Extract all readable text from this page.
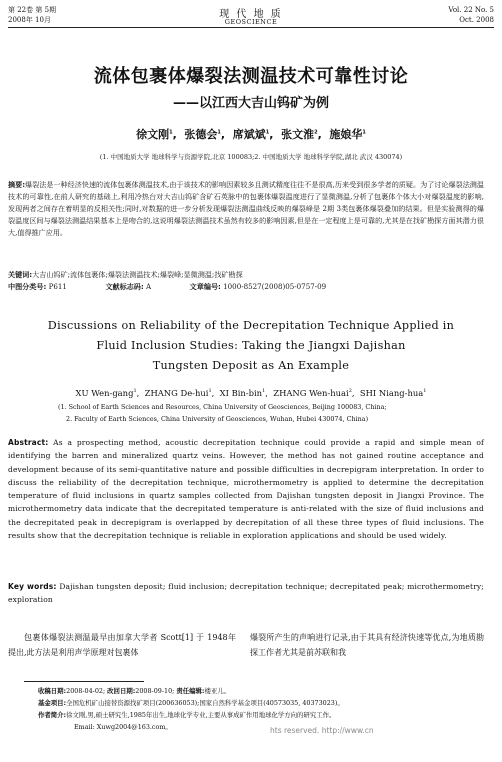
第 22卷 第 5期
2008年 10月	现 代 地 质
GEOSCIENCE
Vol. 22 No. 5
Oct. 2008
流体包裹体爆裂法测温技术可靠性讨论
——以江西大吉山钨矿为例
徐文刚$^1$,  张德会$^1$,  席斌斌$^1$,  张文淮$^2$,  施娘华$^1$
(1. 中国地质大学 地球科学与资源学院,北京 100083;2. 中国地质大学 地球科学学院,湖北 武汉 430074)
摘要:爆裂法是一种经济快速的流体包裹体测温技术,由于该技术的影响因素较多且测试精度往往不是很高,历来受到很多学者的质疑。为了讨论爆裂法测温技术的可靠性,在前人研究的基础上,利用冷热台对大吉山钨矿含矿石英脉中的包裹体爆裂温度进行了显微测温,分析了包裹体个体大小对爆裂温度的影响,发现两者之间存在着明显的反相关性;同时,对数据的进一步分析发现爆裂法测温曲线反映的爆裂峰是 2期 3类包裹体爆裂叠加的结果。但是实验测得的爆裂温度区间与爆裂法测温结果基本上是吻合的,这说明爆裂法测温技术虽然有较多的影响因素,但是在一定程度上是可靠的,尤其是在找矿勘探方面其潜力很大,值得推广应用。
关键词:大吉山钨矿;流体包裹体;爆裂法测温技术;爆裂峰;显微测温;找矿勘探
中图分类号: P611	文献标志码: A	文章编号: 1000-8527(2008)05-0757-09
Discussions on Reliability of the Decrepitation Technique Applied in
Fluid Inclusion Studies: Taking the Jiangxi Dajishan
Tungsten Deposit as An Example
XU Wen-gang$^1$,  ZHANG De-hui$^1$,  XI Bin-bin$^1$,  ZHANG Wen-huai$^2$,  SHI Niang-hua$^1$
(1. School of Earth Sciences and Resources, China University of Geosciences, Beijing 100083, China;
2. Faculty of Earth Sciences, China University of Geosciences, Wuhan, Hubei 430074, China)
Abstract: As a prospecting method, acoustic decrepitation technique could provide a rapid and simple mean of identifying the barren and mineralized quartz veins. However, the method has not gained routine acceptance and development because of its semi-quantitative nature and possible difficulties in decrepigram interpretation. In order to discuss the reliability of the decrepitation technique, microthermometry is applied to determine the decrepitation temperature of fluid inclusions in quartz samples collected from Dajishan tungsten deposit in Jiangxi Province. The microthermometry data indicate that the decrepitated temperature is anti-related with the size of fluid inclusions and the decrepitated peak in decrepigram is overlapped by decrepitation of all these three types of fluid inclusions. The results show that the decrepitation technique is reliable in exploration applications and should be used widely.
Key words: Dajishan tungsten deposit; fluid inclusion; decrepitation technique; decrepitated peak; microthermometry; exploration
包裹体爆裂法测温最早由加拿大学者 Scott[1] 于 1948年提出,此方法是利用声学原理对包裹体
爆裂所产生的声响进行记录,由于其具有经济快速等优点,为地质勘探工作者尤其是前苏联和我
收稿日期:2008-04-02; 改回日期:2008-09-10; 责任编辑:楼亚儿。
基金项目:全国危机矿山接替资源找矿项目(200636053);国家自然科学基金项目(40573035, 40373023)。
作者简介:徐文刚,男,硕士研究生,1985年出生,地球化学专业,主要从事成矿作用地球化学方向的研究工作。
Email: Xuwg2004@163.com。	hts reserved. http://www.cn
